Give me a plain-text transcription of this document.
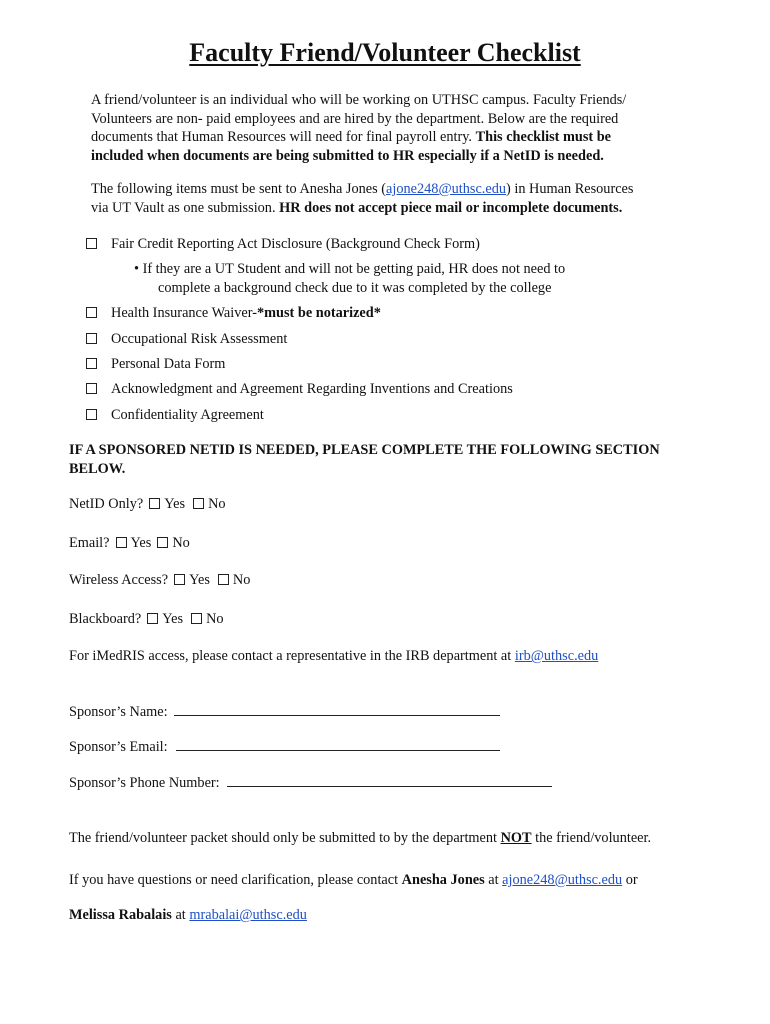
Faculty Friend/Volunteer Checklist
A friend/volunteer is an individual who will be working on UTHSC campus. Faculty Friends/
Volunteers are non- paid employees and are hired by the department. Below are the required
documents that Human Resources will need for final payroll entry. This checklist must be
included when documents are being submitted to HR especially if a NetID is needed.
The following items must be sent to Anesha Jones (ajone248@uthsc.edu) in Human Resources
via UT Vault as one submission. HR does not accept piece mail or incomplete documents.
Fair Credit Reporting Act Disclosure (Background Check Form)
• If they are a UT Student and will not be getting paid, HR does not need to
complete a background check due to it was completed by the college
Health Insurance Waiver-*must be notarized*
Occupational Risk Assessment
Personal Data Form
Acknowledgment and Agreement Regarding Inventions and Creations
Confidentiality Agreement
IF A SPONSORED NETID IS NEEDED, PLEASE COMPLETE THE FOLLOWING SECTION
BELOW.
NetID Only? Yes No
Email? Yes No
Wireless Access? Yes No
Blackboard? Yes No
For iMedRIS access, please contact a representative in the IRB department at irb@uthsc.edu
Sponsor’s Name:
Sponsor’s Email:
Sponsor’s Phone Number:
The friend/volunteer packet should only be submitted to by the department NOT the friend/volunteer.
If you have questions or need clarification, please contact Anesha Jones at ajone248@uthsc.edu or
Melissa Rabalais at mrabalai@uthsc.edu
